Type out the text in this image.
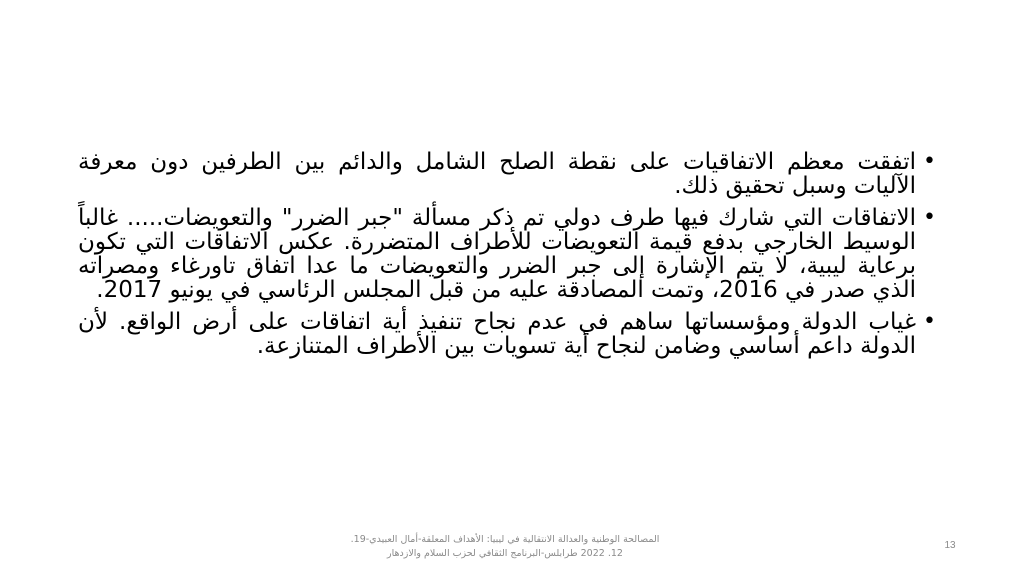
•
اتفقت معظم الاتفاقيات على نقطة الصلح الشامل والدائم بين الطرفين دون معرفة الآليات وسبل تحقيق ذلك.
•
الاتفاقات التي شارك فيها طرف دولي تم ذكر مسألة "جبر الضرر" والتعويضات..... غالباً الوسيط الخارجي بدفع قيمة التعويضات للأطراف المتضررة. عكس الاتفاقات التي تكون برعاية ليبية، لا يتم الإشارة إلى جبر الضرر والتعويضات ما عدا اتفاق تاورغاء ومصراته الذي صدر في 2016، وتمت المصادقة عليه من قبل المجلس الرئاسي في يونيو 2017.
•
غياب الدولة ومؤسساتها ساهم في عدم نجاح تنفيذ أية اتفاقات على أرض الواقع. لأن الدولة داعم أساسي وضامن لنجاح أية تسويات بين الأطراف المتنازعة.
المصالحة الوطنية والعدالة الانتقالية في ليبيا: الأهداف المعلقة-أمال العبيدي-19.
12. 2022 طرابلس-البرنامج الثقافي لحزب السلام والازدهار
13
